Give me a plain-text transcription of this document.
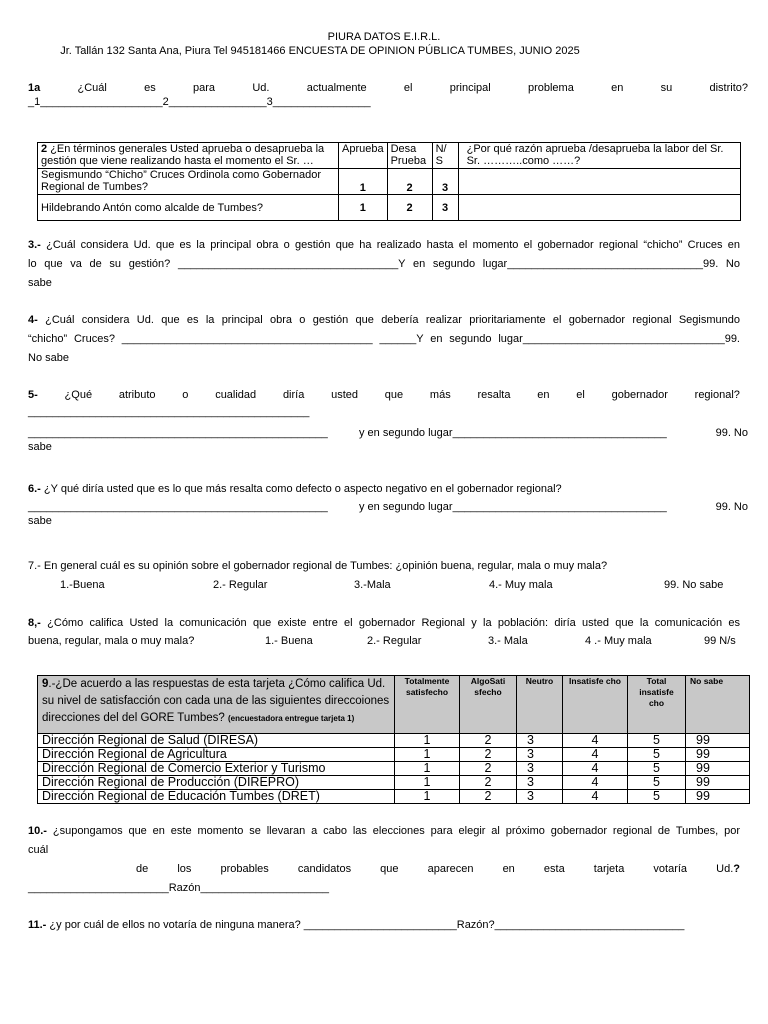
PIURA DATOS E.I.R.L.
Jr. Tallán 132 Santa Ana, Piura Tel 945181466 ENCUESTA DE OPINION PÚBLICA TUMBES, JUNIO 2025
1a	¿Cuál	es	para	Ud.	actualmente	el	principal	problema	en	su	distrito?
_1____________________2________________3________________
2 ¿En términos generales Usted aprueba o desaprueba la gestión que viene realizando hasta el momento el Sr. …	Aprueba	Desa Prueba	N/ S	¿Por qué razón aprueba /desaprueba la labor del Sr. Sr. ………..como ……?
Segismundo “Chicho” Cruces Ordinola como Gobernador Regional de Tumbes?	1	2	3	
Hildebrando Antón como alcalde de Tumbes?	1	2	3	
3.- ¿Cuál considera Ud. que es la principal obra o gestión que ha realizado hasta el momento el gobernador regional “chicho” Cruces en
lo que va de su gestión? ____________________________________Y en segundo lugar________________________________99. No
sabe
4- ¿Cuál considera Ud. que es la principal obra o gestión que debería realizar prioritariamente el gobernador regional Segismundo
“chicho” Cruces? _________________________________________ ______Y en segundo lugar_________________________________99.
No sabe
5- ¿Qué atributo o cualidad diría usted que más resalta en el gobernador regional?
______________________________________________
_________________________________________________	y en segundo lugar___________________________________	99. No
sabe
6.- ¿Y qué diría usted que es lo que más resalta como defecto o aspecto negativo en el gobernador regional?
_________________________________________________	y en segundo lugar___________________________________	99. No
sabe
7.- En general cuál es su opinión sobre el gobernador regional de Tumbes: ¿opinión buena, regular, mala o muy mala?
1.-Buena	2.- Regular	3.-Mala	4.- Muy mala	99. No sabe
8,- ¿Cómo califica Usted la comunicación que existe entre el gobernador Regional y la población: diría usted que la comunicación es
buena, regular, mala o muy mala?	1.- Buena	2.- Regular	3.- Mala	4 .- Muy mala	99 N/s
9.-¿De acuerdo a las respuestas de esta tarjeta ¿Cómo califica Ud. su nivel de satisfacción con cada una de las siguientes direccoiones direcciones del del GORE Tumbes? (encuestadora entregue tarjeta 1)	Totalmente satisfecho	AlgoSati sfecho	Neutro	Insatisfe cho	Total insatisfe cho	No sabe
Dirección Regional de Salud (DIRESA)	1	2	3	4	5	99
Dirección Regional de Agricultura	1	2	3	4	5	99
Dirección Regional de Comercio Exterior y Turismo	1	2	3	4	5	99
Dirección Regional de Producción (DIREPRO)	1	2	3	4	5	99
Dirección Regional de Educación Tumbes (DRET)	1	2	3	4	5	99
10.- ¿supongamos que en este momento se llevaran a cabo las elecciones para elegir al próximo gobernador regional de Tumbes, por
cuál
de	los	probables	candidatos	que	aparecen	en	esta	tarjeta	votaría	Ud.?
_______________________Razón_____________________
11.- ¿y por cuál de ellos no votaría de ninguna manera? _________________________Razón?_______________________________
